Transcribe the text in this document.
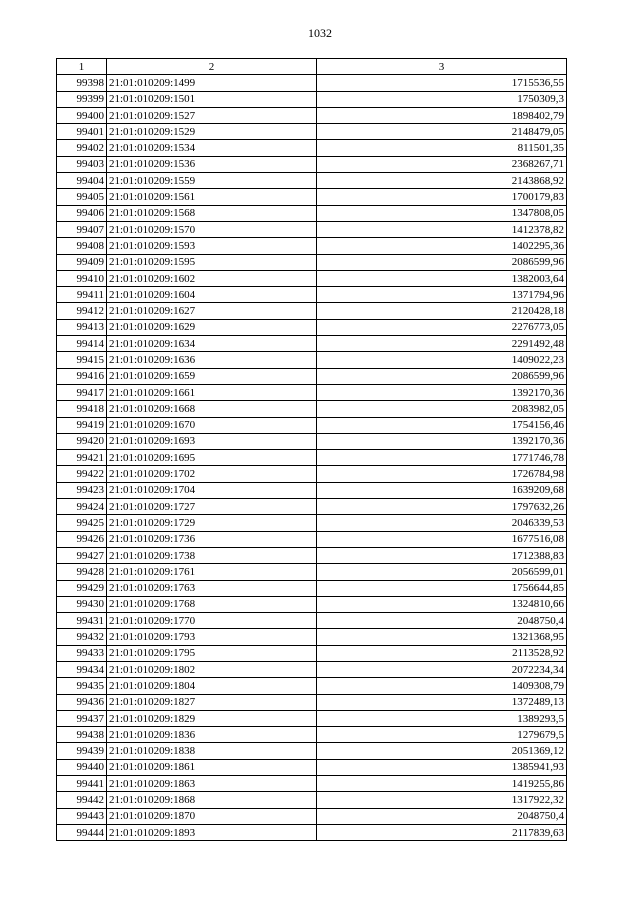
1032
1	2	3
99398	21:01:010209:1499	1715536,55
99399	21:01:010209:1501	1750309,3
99400	21:01:010209:1527	1898402,79
99401	21:01:010209:1529	2148479,05
99402	21:01:010209:1534	811501,35
99403	21:01:010209:1536	2368267,71
99404	21:01:010209:1559	2143868,92
99405	21:01:010209:1561	1700179,83
99406	21:01:010209:1568	1347808,05
99407	21:01:010209:1570	1412378,82
99408	21:01:010209:1593	1402295,36
99409	21:01:010209:1595	2086599,96
99410	21:01:010209:1602	1382003,64
99411	21:01:010209:1604	1371794,96
99412	21:01:010209:1627	2120428,18
99413	21:01:010209:1629	2276773,05
99414	21:01:010209:1634	2291492,48
99415	21:01:010209:1636	1409022,23
99416	21:01:010209:1659	2086599,96
99417	21:01:010209:1661	1392170,36
99418	21:01:010209:1668	2083982,05
99419	21:01:010209:1670	1754156,46
99420	21:01:010209:1693	1392170,36
99421	21:01:010209:1695	1771746,78
99422	21:01:010209:1702	1726784,98
99423	21:01:010209:1704	1639209,68
99424	21:01:010209:1727	1797632,26
99425	21:01:010209:1729	2046339,53
99426	21:01:010209:1736	1677516,08
99427	21:01:010209:1738	1712388,83
99428	21:01:010209:1761	2056599,01
99429	21:01:010209:1763	1756644,85
99430	21:01:010209:1768	1324810,66
99431	21:01:010209:1770	2048750,4
99432	21:01:010209:1793	1321368,95
99433	21:01:010209:1795	2113528,92
99434	21:01:010209:1802	2072234,34
99435	21:01:010209:1804	1409308,79
99436	21:01:010209:1827	1372489,13
99437	21:01:010209:1829	1389293,5
99438	21:01:010209:1836	1279679,5
99439	21:01:010209:1838	2051369,12
99440	21:01:010209:1861	1385941,93
99441	21:01:010209:1863	1419255,86
99442	21:01:010209:1868	1317922,32
99443	21:01:010209:1870	2048750,4
99444	21:01:010209:1893	2117839,63
